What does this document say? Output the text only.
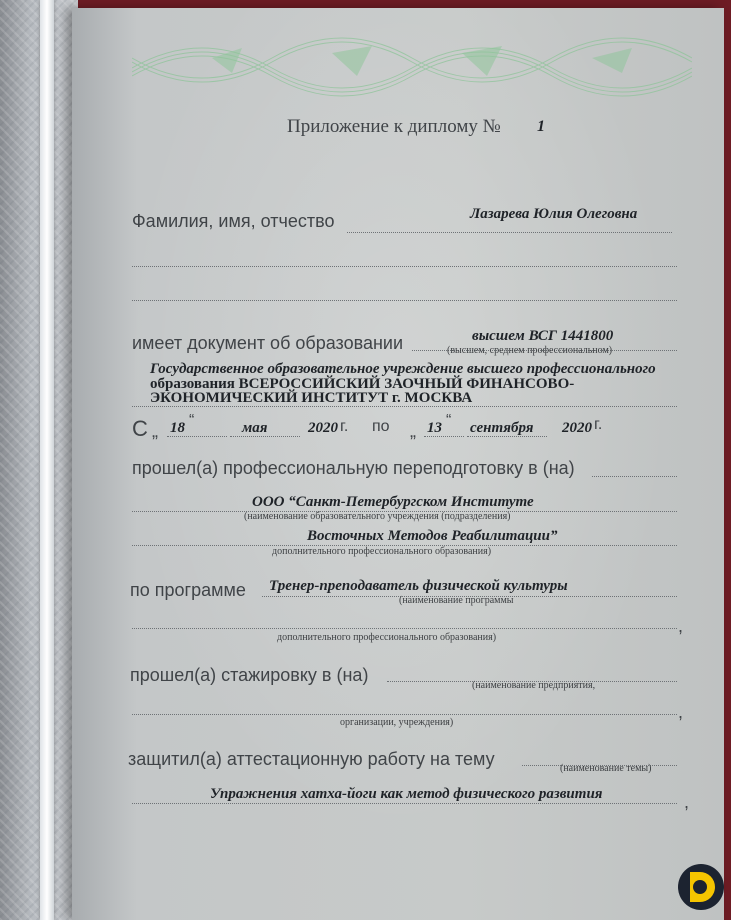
Приложение к диплому № 1
Фамилия, имя, отчество	Лазарева Юлия Олеговна
имеет документ об образовании	высшем ВСГ 1441800
(высшем, среднем профессиональном)
Государственное образовательное учреждение высшего профессионального
образования ВСЕРОССИЙСКИЙ ЗАОЧНЫЙ ФИНАНСОВО-
ЭКОНОМИЧЕСКИЙ ИНСТИТУТ г. МОСКВА
С „ 18 “	мая	2020 г. по „ 13 “ сентября 2020 г.
прошел(а) профессиональную переподготовку в (на)
ООО “Санкт-Петербургском Институте
(наименование образовательного учреждения (подразделения)
Восточных Методов Реабилитации”
дополнительного профессионального образования)
по программе Тренер-преподаватель физической культуры
(наименование программы
,
дополнительного профессионального образования)
прошел(а) стажировку в (на)
(наименование предприятия,
,
организации, учреждения)
защитил(а) аттестационную работу на тему	(наименование темы)
Упражнения хатха-йоги как метод физического развития	,
